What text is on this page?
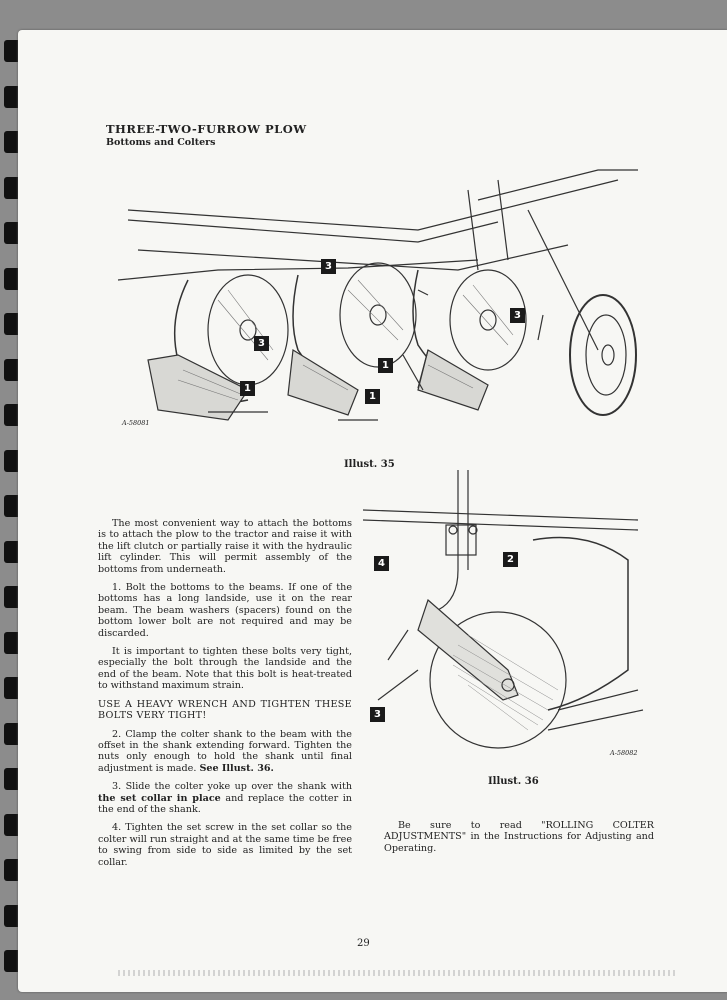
1
1
3
3
1
3
A-58081
Illust. 35
4	2
3
A-58082
Illust. 36
THREE-TWO-FURROW PLOW
Bottoms and Colters

The most convenient way to attach the bottoms is to attach the plow to the tractor and raise it with the lift clutch or partially raise it with the hydraulic lift cylinder. This will permit assembly of the bottoms from underneath.

1. Bolt the bottoms to the beams. If one of the bottoms has a long landside, use it on the rear beam. The beam washers (spacers) found on the bottom lower bolt are not required and may be discarded.

It is important to tighten these bolts very tight, especially the bolt through the landside and the end of the beam. Note that this bolt is heat-treated to withstand maximum strain.

USE A HEAVY WRENCH AND TIGHTEN THESE BOLTS VERY TIGHT!

2. Clamp the colter shank to the beam with the offset in the shank extending forward. Tighten the nuts only enough to hold the shank until final adjustment is made. See Illust. 36.

3. Slide the colter yoke up over the shank with the set collar in place and replace the cotter in the end of the shank.

4. Tighten the set screw in the set collar so the colter will run straight and at the same time be free to swing from side to side as limited by the set collar.

Be sure to read "ROLLING COLTER ADJUSTMENTS" in the Instructions for Adjusting and Operating.

29
